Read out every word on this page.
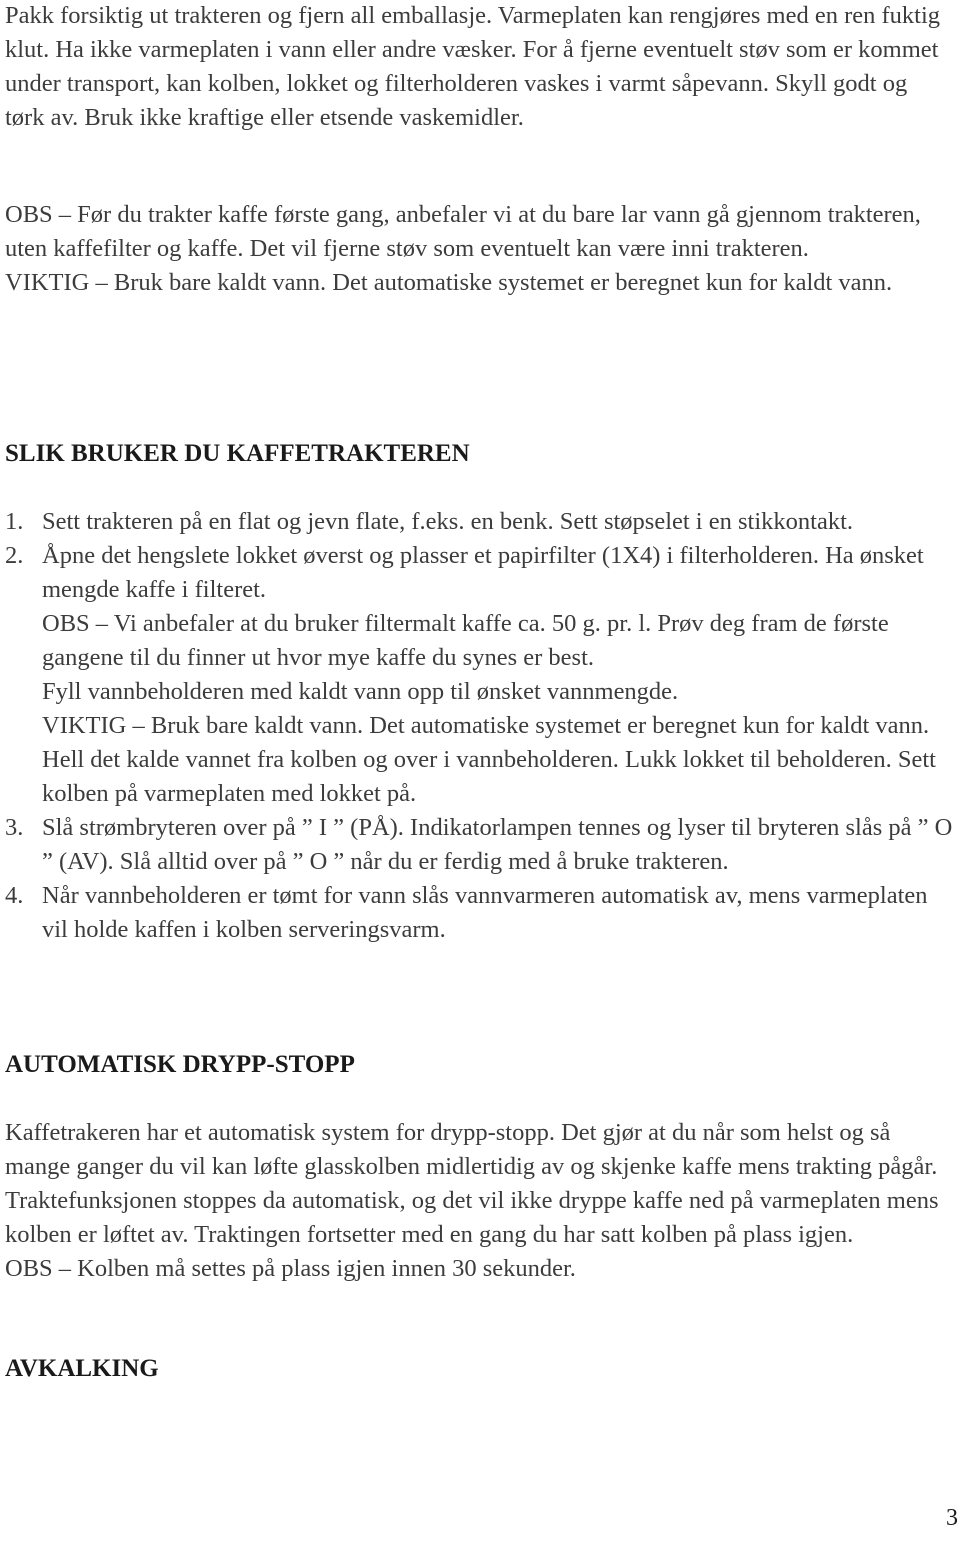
Pakk forsiktig ut trakteren og fjern all emballasje. Varmeplaten kan rengjøres med en ren fuktig klut. Ha ikke varmeplaten i vann eller andre væsker. For å fjerne eventuelt støv som er kommet under transport, kan kolben, lokket og filterholderen vaskes i varmt såpevann. Skyll godt og tørk av. Bruk ikke kraftige eller etsende vaskemidler.

OBS – Før du trakter kaffe første gang, anbefaler vi at du bare lar vann gå gjennom trakteren, uten kaffefilter og kaffe. Det vil fjerne støv som eventuelt kan være inni trakteren.

VIKTIG – Bruk bare kaldt vann. Det automatiske systemet er beregnet kun for kaldt vann.

SLIK BRUKER DU KAFFETRAKTEREN

1. Sett trakteren på en flat og jevn flate, f.eks. en benk. Sett støpselet i en stikkontakt.

2. Åpne det hengslete lokket øverst og plasser et papirfilter (1X4) i filterholderen. Ha ønsket mengde kaffe i filteret.

OBS – Vi anbefaler at du bruker filtermalt kaffe ca. 50 g. pr. l. Prøv deg fram de første gangene til du finner ut hvor mye kaffe du synes er best.

Fyll vannbeholderen med kaldt vann opp til ønsket vannmengde.

VIKTIG – Bruk bare kaldt vann. Det automatiske systemet er beregnet kun for kaldt vann. Hell det kalde vannet fra kolben og over i vannbeholderen. Lukk lokket til beholderen. Sett kolben på varmeplaten med lokket på.

3. Slå strømbryteren over på ” I ” (PÅ). Indikatorlampen tennes og lyser til bryteren slås på ” O ” (AV). Slå alltid over på ” O ” når du er ferdig med å bruke trakteren.

4. Når vannbeholderen er tømt for vann slås vannvarmeren automatisk av, mens varmeplaten vil holde kaffen i kolben serveringsvarm.

AUTOMATISK DRYPP-STOPP

Kaffetrakeren har et automatisk system for drypp-stopp. Det gjør at du når som helst og så mange ganger du vil kan løfte glasskolben midlertidig av og skjenke kaffe mens trakting pågår. Traktefunksjonen stoppes da automatisk, og det vil ikke dryppe kaffe ned på varmeplaten mens kolben er løftet av. Traktingen fortsetter med en gang du har satt kolben på plass igjen.

OBS – Kolben må settes på plass igjen innen 30 sekunder.

AVKALKING

3
